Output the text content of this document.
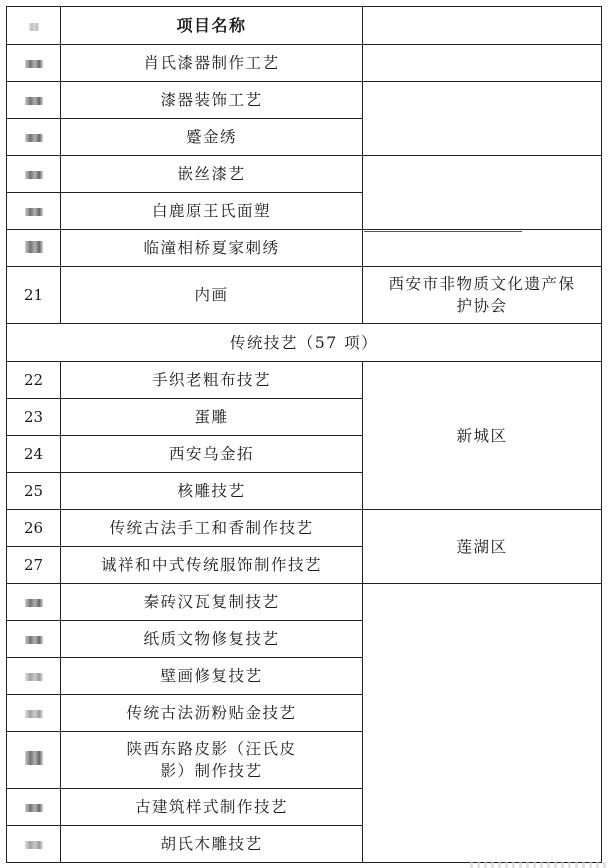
	项目名称	
	肖氏漆器制作工艺	
	漆器装饰工艺	
	蹙金绣	
	嵌丝漆艺	
	白鹿原王氏面塑	
	临潼相桥夏家刺绣	
21	内画	西安市非物质文化遗产保护协会
传统技艺（57 项）		
22	手织老粗布技艺	新城区
23	蛋雕	
24	西安乌金拓	
25	核雕技艺	
26	传统古法手工和香制作技艺	莲湖区
27	诚祥和中式传统服饰制作技艺	
	秦砖汉瓦复制技艺	
	纸质文物修复技艺	
	壁画修复技艺	
	传统古法沥粉贴金技艺	
	陕西东路皮影（汪氏皮影）制作技艺	
	古建筑样式制作技艺	
	胡氏木雕技艺	
